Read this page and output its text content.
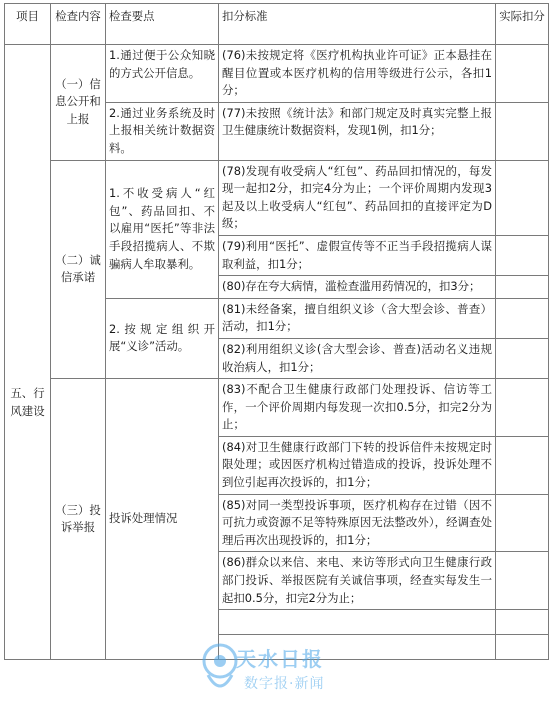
项目	检查内容	检查要点	扣分标准	实际扣分
五、行风建设	（一）信息公开和上报	1.通过便于公众知晓的方式公开信息。	(76)未按规定将《医疗机构执业许可证》正本悬挂在醒目位置或本医疗机构的信用等级进行公示，各扣1分；	
		2.通过业务系统及时上报相关统计数据资料。	(77)未按照《统计法》和部门规定及时真实完整上报卫生健康统计数据资料，发现1例，扣1分；	
	（二）诚信承诺	1.不收受病人“红包”、药品回扣、不以雇用“医托”等非法手段招揽病人、不欺骗病人牟取暴利。	(78)发现有收受病人“红包”、药品回扣情况的，每发现一起扣2分，扣完4分为止；一个评价周期内发现3起及以上收受病人“红包”、药品回扣的直接评定为D级；	
			(79)利用“医托”、虚假宣传等不正当手段招揽病人谋取利益，扣1分；	
			(80)存在夸大病情，滥检查滥用药情况的，扣3分；	
		2.按规定组织开展“义诊”活动。	(81)未经备案，擅自组织义诊（含大型会诊、普查）活动，扣1分；	
			(82)利用组织义诊(含大型会诊、普查)活动名义违规收治病人，扣1分；	
	（三）投诉举报	投诉处理情况	(83)不配合卫生健康行政部门处理投诉、信访等工作，一个评价周期内每发现一次扣0.5分，扣完2分为止；	
			(84)对卫生健康行政部门下转的投诉信件未按规定时限处理；或因医疗机构过错造成的投诉，投诉处理不到位引起再次投诉的，扣1分；	
			(85)对同一类型投诉事项，医疗机构存在过错（因不可抗力或资源不足等特殊原因无法整改外），经调查处理后再次出现投诉的，扣1分；	
			(86)群众以来信、来电、来访等形式向卫生健康行政部门投诉、举报医院有关诚信事项，经查实每发生一起扣0.5分，扣完2分为止；	

天水日报
数字报·新闻
